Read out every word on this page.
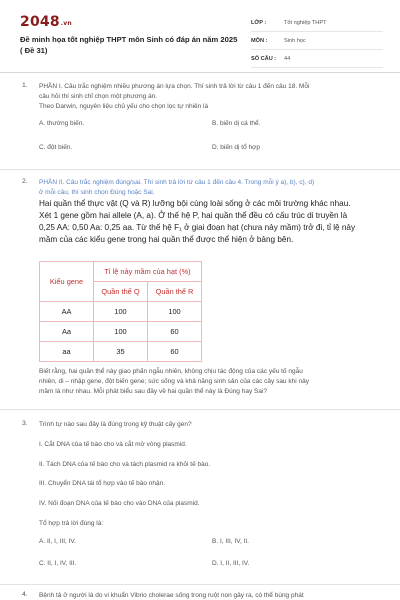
2048.vn
Đề minh họa tốt nghiệp THPT môn Sinh có đáp án năm 2025 ( Đề 31)
LỚP :	Tốt nghiệp THPT
MÔN :	Sinh học
SỐ CÂU :	44
1. PHẦN I. Câu trắc nghiệm nhiều phương án lựa chọn. Thí sinh trả lời từ câu 1 đến câu 18. Mỗi
câu hỏi thí sinh chỉ chọn một phương án.
Theo Darwin, nguyên liệu chủ yếu cho chọn lọc tự nhiên là
A. thường biến.	B. biến dị cá thể.
C. đột biến.	D. biến dị tổ hợp
2. PHẦN II. Câu trắc nghiệm đúng/sai. Thí sinh trả lời từ câu 1 đến câu 4. Trong mỗi ý a), b), c), d)
ở mỗi câu, thí sinh chọn Đúng hoặc Sai.
Hai quần thể thực vật (Q và R) lưỡng bội cùng loài sống ở các môi trường khác nhau.
Xét 1 gene gồm hai allele (A, a). Ở thế hệ P, hai quần thể đều có cấu trúc di truyền là
0,25 AA: 0,50 Aa: 0,25 aa. Từ thế hệ F₁ ở giai đoạn hạt (chưa nảy mầm) trở đi, tỉ lệ nảy
mầm của các kiểu gene trong hai quần thể được thể hiện ở bảng bên.
Kiểu gene	Tỉ lệ nảy mầm của hạt (%)	
	Quần thể Q	Quần thể R
AA	100	100
Aa	100	60
aa	35	60
Biết rằng, hai quần thể này giao phấn ngẫu nhiên, không chịu tác động của các yếu tố ngẫu
nhiên, di – nhập gene, đột biến gene; sức sống và khả năng sinh sản của các cây sau khi nảy
mầm là như nhau. Mỗi phát biểu sau đây về hai quần thể này là Đúng hay Sai?
3. Trình tự nào sau đây là đúng trong kỹ thuật cấy gen?
I. Cắt DNA của tế bào cho và cắt mở vòng plasmid.
II. Tách DNA của tế bào cho và tách plasmid ra khỏi tế bào.
III. Chuyển DNA tái tổ hợp vào tế bào nhận.
IV. Nối đoạn DNA của tế bào cho vào DNA của plasmid.
Tổ hợp trả lời đúng là:
A. II, I, III, IV.	B. I, III, IV, II.
C. II, I, IV, III.	D. I, II, III, IV.
4. Bệnh tả ở người là do vi khuẩn Vibrio cholerae sống trong ruột non gây ra, có thể bùng phát
